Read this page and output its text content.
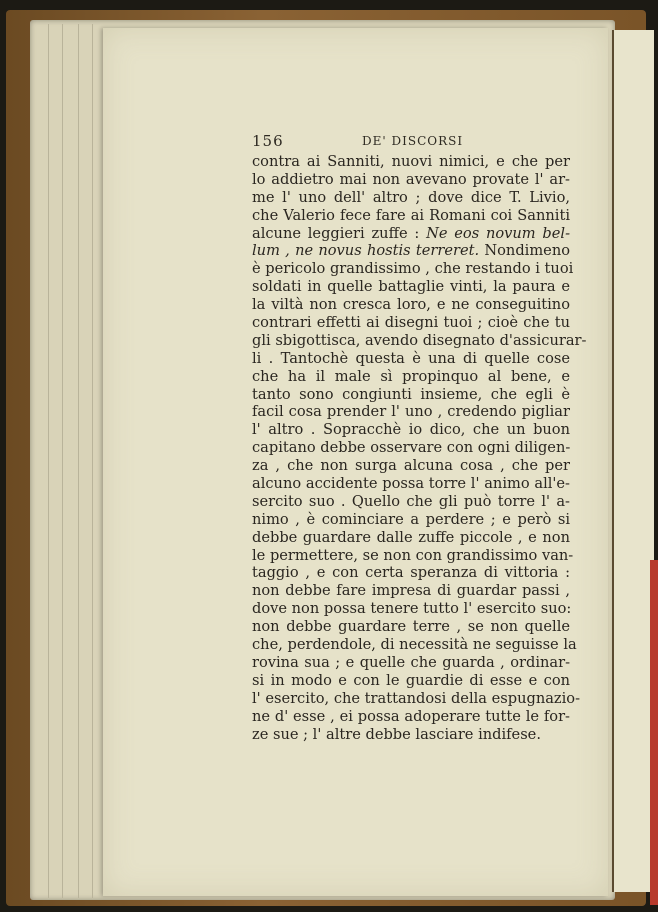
156	DE' DISCORSI
contra ai Sanniti, nuovi nimici, e che per
lo addietro mai non avevano provate l' ar-
me l' uno dell' altro ; dove dice T. Livio,
che Valerio fece fare ai Romani coi Sanniti
alcune leggieri zuffe : Ne eos novum bel-
lum , ne novus hostis terreret. Nondimeno
è pericolo grandissimo , che restando i tuoi
soldati in quelle battaglie vinti, la paura e
la viltà non cresca loro, e ne conseguitino
contrari effetti ai disegni tuoi ; cioè che tu
gli sbigottisca, avendo disegnato d'assicurar-
li . Tantochè questa è una di quelle cose
che ha il male sì propinquo al bene, e
tanto sono congiunti insieme, che egli è
facil cosa prender l' uno , credendo pigliar
l' altro . Sopracchè io dico, che un buon
capitano debbe osservare con ogni diligen-
za , che non surga alcuna cosa , che per
alcuno accidente possa torre l' animo all'e-
sercito suo . Quello che gli può torre l' a-
nimo , è cominciare a perdere ; e però si
debbe guardare dalle zuffe piccole , e non
le permettere, se non con grandissimo van-
taggio , e con certa speranza di vittoria :
non debbe fare impresa di guardar passi ,
dove non possa tenere tutto l' esercito suo:
non debbe guardare terre , se non quelle
che, perdendole, di necessità ne seguisse la
rovina sua ; e quelle che guarda , ordinar-
si in modo e con le guardie di esse e con
l' esercito, che trattandosi della espugnazio-
ne d' esse , ei possa adoperare tutte le for-
ze sue ; l' altre debbe lasciare indifese.
